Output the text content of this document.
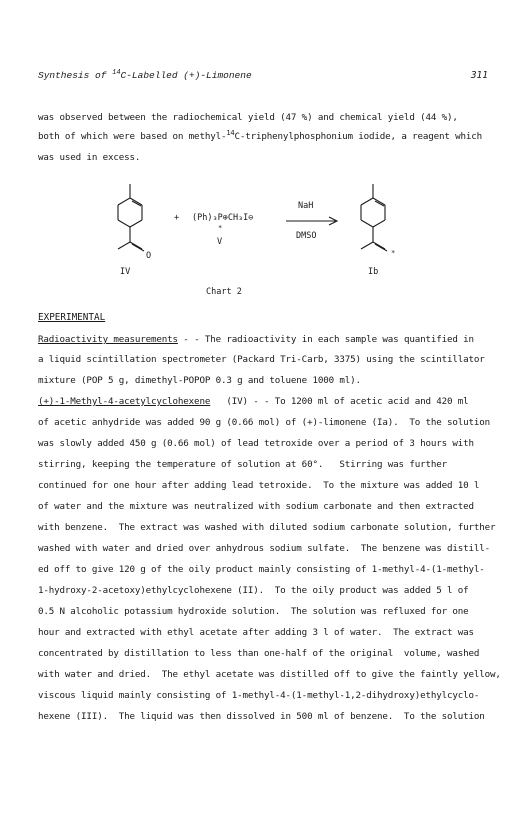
Synthesis of $^{14}$C-Labelled (+)-Limonene	311
was observed between the radiochemical yield (47 %) and chemical yield (44 %),
both of which were based on methyl-$^{14}$C-triphenylphosphonium iodide, a reagent which
was used in excess.
O
IV
+ (Ph)₃P⊕CH₃I⊖
*
V
NaH
DMSO
*
Ib
Chart 2
EXPERIMENTAL
Radioactivity measurements - - The radioactivity in each sample was quantified in
a liquid scintillation spectrometer (Packard Tri-Carb, 3375) using the scintillator
mixture (POP 5 g, dimethyl-POPOP 0.3 g and toluene 1000 ml).
(+)-1-Methyl-4-acetylcyclohexene   (IV) - - To 1200 ml of acetic acid and 420 ml
of acetic anhydride was added 90 g (0.66 mol) of (+)-limonene (Ia).  To the solution
was slowly added 450 g (0.66 mol) of lead tetroxide over a period of 3 hours with
stirring, keeping the temperature of solution at 60°.   Stirring was further
continued for one hour after adding lead tetroxide.  To the mixture was added 10 l
of water and the mixture was neutralized with sodium carbonate and then extracted
with benzene.  The extract was washed with diluted sodium carbonate solution, further
washed with water and dried over anhydrous sodium sulfate.  The benzene was distill-
ed off to give 120 g of the oily product mainly consisting of 1-methyl-4-(1-methyl-
1-hydroxy-2-acetoxy)ethylcyclohexene (II).  To the oily product was added 5 l of
0.5 N alcoholic potassium hydroxide solution.  The solution was refluxed for one
hour and extracted with ethyl acetate after adding 3 l of water.  The extract was
concentrated by distillation to less than one-half of the original  volume, washed
with water and dried.  The ethyl acetate was distilled off to give the faintly yellow,
viscous liquid mainly consisting of 1-methyl-4-(1-methyl-1,2-dihydroxy)ethylcyclo-
hexene (III).  The liquid was then dissolved in 500 ml of benzene.  To the solution
